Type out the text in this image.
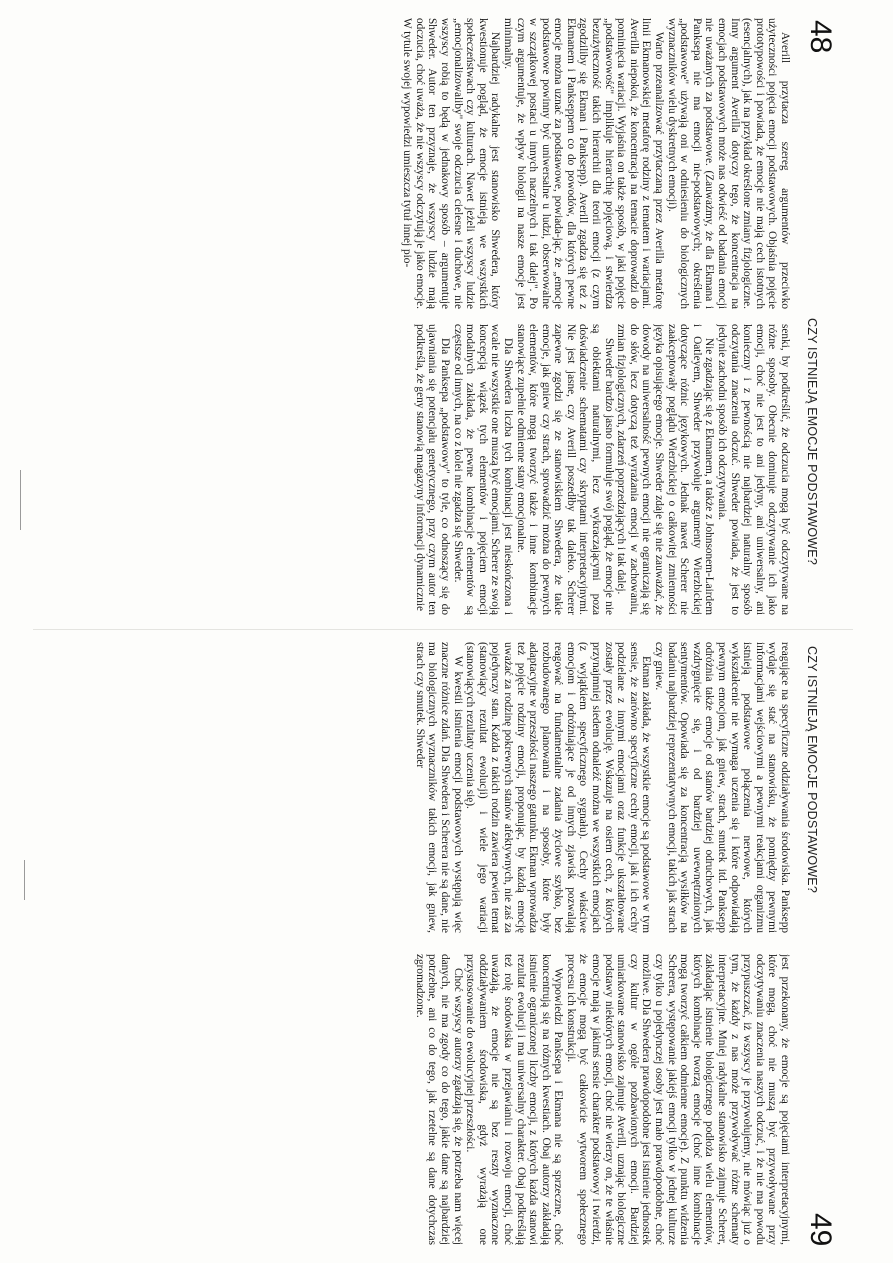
48
CZY ISTNIEJĄ EMOCJE PODSTAWOWE?

Averill przytacza szereg argumentów przeciwko użyteczności pojęcia emocji podstawowych. Objaśnia pojęcie prototypowości i powiada, że emocje nie mają cech istotnych (esencjalnych), jak na przykład określone zmiany fizjologiczne. Inny argument Averilla dotyczy tego, że koncentracja na emocjach podstawowych może nas odwieść od badania emocji nie uważanych za podstawowe. (Zauważmy, że dla Ekmana i Panksepa nie ma emocji nie-podstawowych; określenia „podstawowe" używają oni w odniesieniu do biologicznych wyznaczników wielu dyskretnych emocji).

Warto przeanalizować przytaczaną przez Averilla metaforę linii Ekmanowskiej metaforę rodziny z tematem i wariacjami. Averilla niepokoi, że koncentracja na temacie doprowadzi do pominięcia wariacji. Wyjaśnia on także sposób, w jaki pojęcie „podstawowość" implikuje hierarchię pojęciową, i stwierdza bezużyteczność takich hierarchii dla teorii emocji (z czym zgodziliby się Ekman i Panksepp). Averill zgadza się też z Ekmanem i Pankseppem co do powodów, dla których pewne emocje można uznać za podstawowe, powiada-jąc, że „emocje podstawowe powinny być uniwersalne u ludzi, obserwowalne w szczątkowej postaci u innych naczelnych i tak dalej". Po czym argumentuje, że wpływ biologii na nasze emocje jest minimalny.

Najbardziej radykalne jest stanowisko Shwedera, który kwestionuje pogląd, że emocje istnieją we wszystkich społeczeństwach czy kulturach. Nawet jeżeli wszyscy ludzie „emocjonalizowaliby" swoje odczucia cielesne i duchowe, nie wszyscy robią to będą w jednakowy sposób – argumentuje Shweder. Autor ten przyznaje, że wszyscy ludzie mają odczucia, choć uważa, że nie wszyscy odczytują je jako emocje. W tytule swojej wypowiedzi umieszcza tytuł innej pio-

senki, by podkreślić, że odczucia mogą być odczytywane na różne sposoby. Obecnie dominuje odczytywanie ich jako emocji, choć nie jest to ani jedyny, ani uniwersalny, ani konieczny i z pewnością nie najbardziej naturalny sposób odczytania znaczenia odczuć. Shweder powiada, że jest to jedynie zachodni sposób ich odczytywania.

Nie zgadzając się z Ekmanem, a także z Johnsonem-Lairdem i Oatleyem, Shweder przywołuje argumenty Wierzbickiej dotyczące różnic językowych. Jednak nawet Scherer nie zaakceptowały poglądu Wierzbickiej o całkowitej zmienności języka opisującego emocje. Shweder zdaje się nie zauważać, że dowody na uniwersalność pewnych emocji nie ograniczają się do słów, lecz dotyczą też wyrażania emocji w zachowaniu, zmian fizjologicznych, zdarzeń poprzedzających i tak dalej.

Shweder bardzo jasno formułuje swój pogląd, że emocje nie są obiektami naturalnymi, lecz wykraczającymi poza doświadczenie schematami czy skryptami interpretacyjnymi. Nie jest jasne, czy Averill poszedłby tak daleko. Scherer zapewne zgodzi się ze stanowiskiem Shwedera, że takie emocje, jak gniew czy strach, sprowadzić można do pewnych elementów, które mogą tworzyć także i inne kombinacje stanowiące zupełnie odmienne stany emocjonalne.

Dla Shwedera liczba tych kombinacji jest nieskończona i wcale nie wszystkie one muszą być emocjami. Scherer ze swoją koncepcją wiązek tych elementów i pojęciem emocji modalnych zakłada, że pewne kombinacje elementów są częstsze od innych, na co z kolei nie zgadza się Shweder.

Dla Panksepa „podstawowy" to tyle, co odnoszący się do ujawniania się potencjału genetycznego, przy czym autor ten podkreśla, że geny stanowią magazyny informacji dynamicznie

CZY ISTNIEJĄ EMOCJE PODSTAWOWE?
49

reagujące na specyficzne oddziaływania środowiska. Panksepp wydaje się stać na stanowisku, że pomiędzy pewnymi informacjami wejściowymi a pewnymi reakcjami organizmu istnieją podstawowe połączenia nerwowe, których wykształcenie nie wymaga uczenia się i które odpowiadają pewnym emocjom, jak gniew, strach, smutek itd. Panksepp odróżnia także emocje od stanów bardziej odruchowych, jak wzdrygnięcie się, i od bardziej uwewnętrznionych sentymentów. Opowiada się za koncentracją wysiłków na badaniu najbardziej reprezentatywnych emocji, takich jak strach czy gniew.

Ekman zakłada, że wszystkie emocje są podstawowe w tym sensie, że zarówno specyficzne cechy emocji, jak i ich cechy podzielane z innymi emocjami oraz funkcje ukształtowane zostały przez ewolucję. Wskazuje na osiem cech, z których przynajmniej siedem odnaleźć można we wszystkich emocjach (z wyjątkiem specyficznego sygnału). Cechy właściwe emocjom i odróżniające je od innych zjawisk pozwalają reagować na fundamentalne zadania życiowe szybko, bez rozbudowanego planowania i na sposoby, które były adaptacyjne w przeszłości naszego gatunku. Ekman wprowadza też pojęcie rodziny emocji, proponując, by każdą emocję uważać za rodzinę pokrewnych stanów afektywnych, nie zaś za pojedynczy stan. Każda z takich rodzin zawiera pewien temat (stanowiący rezultat ewolucji) i wiele jego wariacji (stanowiących rezultaty uczenia się).

W kwestii istnienia emocji podstawowych występują więc znaczne różnice zdań. Dla Shwedera i Scherera nie są dane, nie ma biologicznych wyznaczników takich emocji, jak gniew, strach czy smutek. Shweder

jest przekonany, że emocje są pojęciami interpretacyjnymi, które mogą, choć nie muszą być przywoływane przy odczytywaniu znaczenia naszych odczuć, i że nie ma powodu przypuszczać, iż wszyscy je przywołujemy, nie mówiąc już o tym, że każdy z nas może przywoływać różne schematy interpretacyjne. Mniej radykalne stanowisko zajmuje Scherer, zakładając istnienie biologicznego podłoża wielu elementów, których kombinacje tworzą emocje (choć inne kombinacje mogą tworzyć całkiem odmienne emocje). Z punktu widzenia Scherera, występowanie jakiejś emocji tylko w jednej kulturze czy tylko u pojedynczej osoby jest mało prawdopodobne, choć możliwe. Dla Shwedera prawdopodobne jest istnienie jednostek czy kultur w ogóle pozbawionych emocji. Bardziej umiarkowane stanowisko zajmuje Averill, uznając biologiczne podstawy niektórych emocji, choć nie wierzy on, że te właśnie emocje mają w jakimś sensie charakter podstawowy i twierdzi, że emocje mogą być całkowicie wytworem społecznego procesu ich konstrukcji.

Wypowiedzi Panksepa i Ekmana nie są sprzeczne, choć koncentrują się na różnych kwestiach. Obaj autorzy zakładają istnienie ograniczonej liczby emocji, z których każda stanowi rezultat ewolucji i ma uniwersalny charakter. Obaj podkreślają też rolę środowiska w przejawianiu i rozwoju emocji, choć uważają, że emocje nie są bez reszty wyznaczone oddziaływaniem środowiska, gdyż wyrażają one przystosowanie do ewolucyjnej przeszłości.

Choć wszyscy autorzy zgadzają się, że potrzeba nam więcej danych, nie ma zgody co do tego, jakie dane są najbardziej potrzebne, ani co do tego, jak rzetelne są dane dotychczas zgromadzone.
